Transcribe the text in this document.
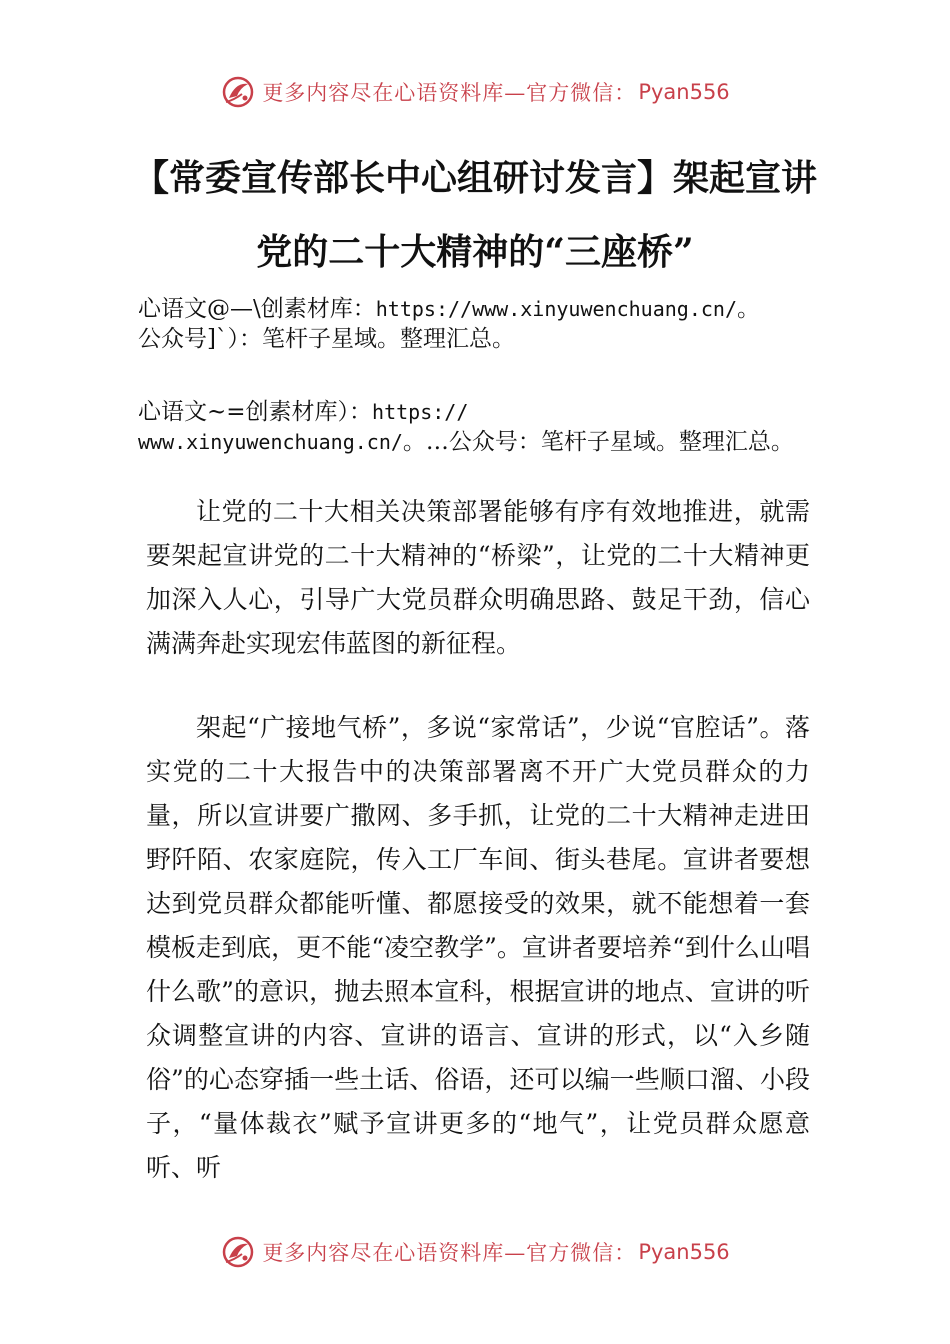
更多内容尽在心语资料库—官方微信： Pyan556
【常委宣传部长中心组研讨发言】架起宣讲
党的二十大精神的“三座桥”

心语文@—\创素材库：https://www.xinyuwenchuang.cn/。
公众号]`）：笔杆子星域。整理汇总。

心语文~=创素材库）：https://
www.xinyuwenchuang.cn/。…公众号：笔杆子星域。整理汇总。

让党的二十大相关决策部署能够有序有效地推进，就需要架起宣讲党的二十大精神的“桥梁”，让党的二十大精神更加深入人心，引导广大党员群众明确思路、鼓足干劲，信心满满奔赴实现宏伟蓝图的新征程。

架起“广接地气桥”，多说“家常话”，少说“官腔话”。落实党的二十大报告中的决策部署离不开广大党员群众的力量，所以宣讲要广撒网、多手抓，让党的二十大精神走进田野阡陌、农家庭院，传入工厂车间、街头巷尾。宣讲者要想达到党员群众都能听懂、都愿接受的效果，就不能想着一套模板走到底，更不能“凌空教学”。宣讲者要培养“到什么山唱什么歌”的意识，抛去照本宣科，根据宣讲的地点、宣讲的听众调整宣讲的内容、宣讲的语言、宣讲的形式，以“入乡随俗”的心态穿插一些土话、俗语，还可以编一些顺口溜、小段子，“量体裁衣”赋予宣讲更多的“地气”，让党员群众愿意听、听

更多内容尽在心语资料库—官方微信： Pyan556
